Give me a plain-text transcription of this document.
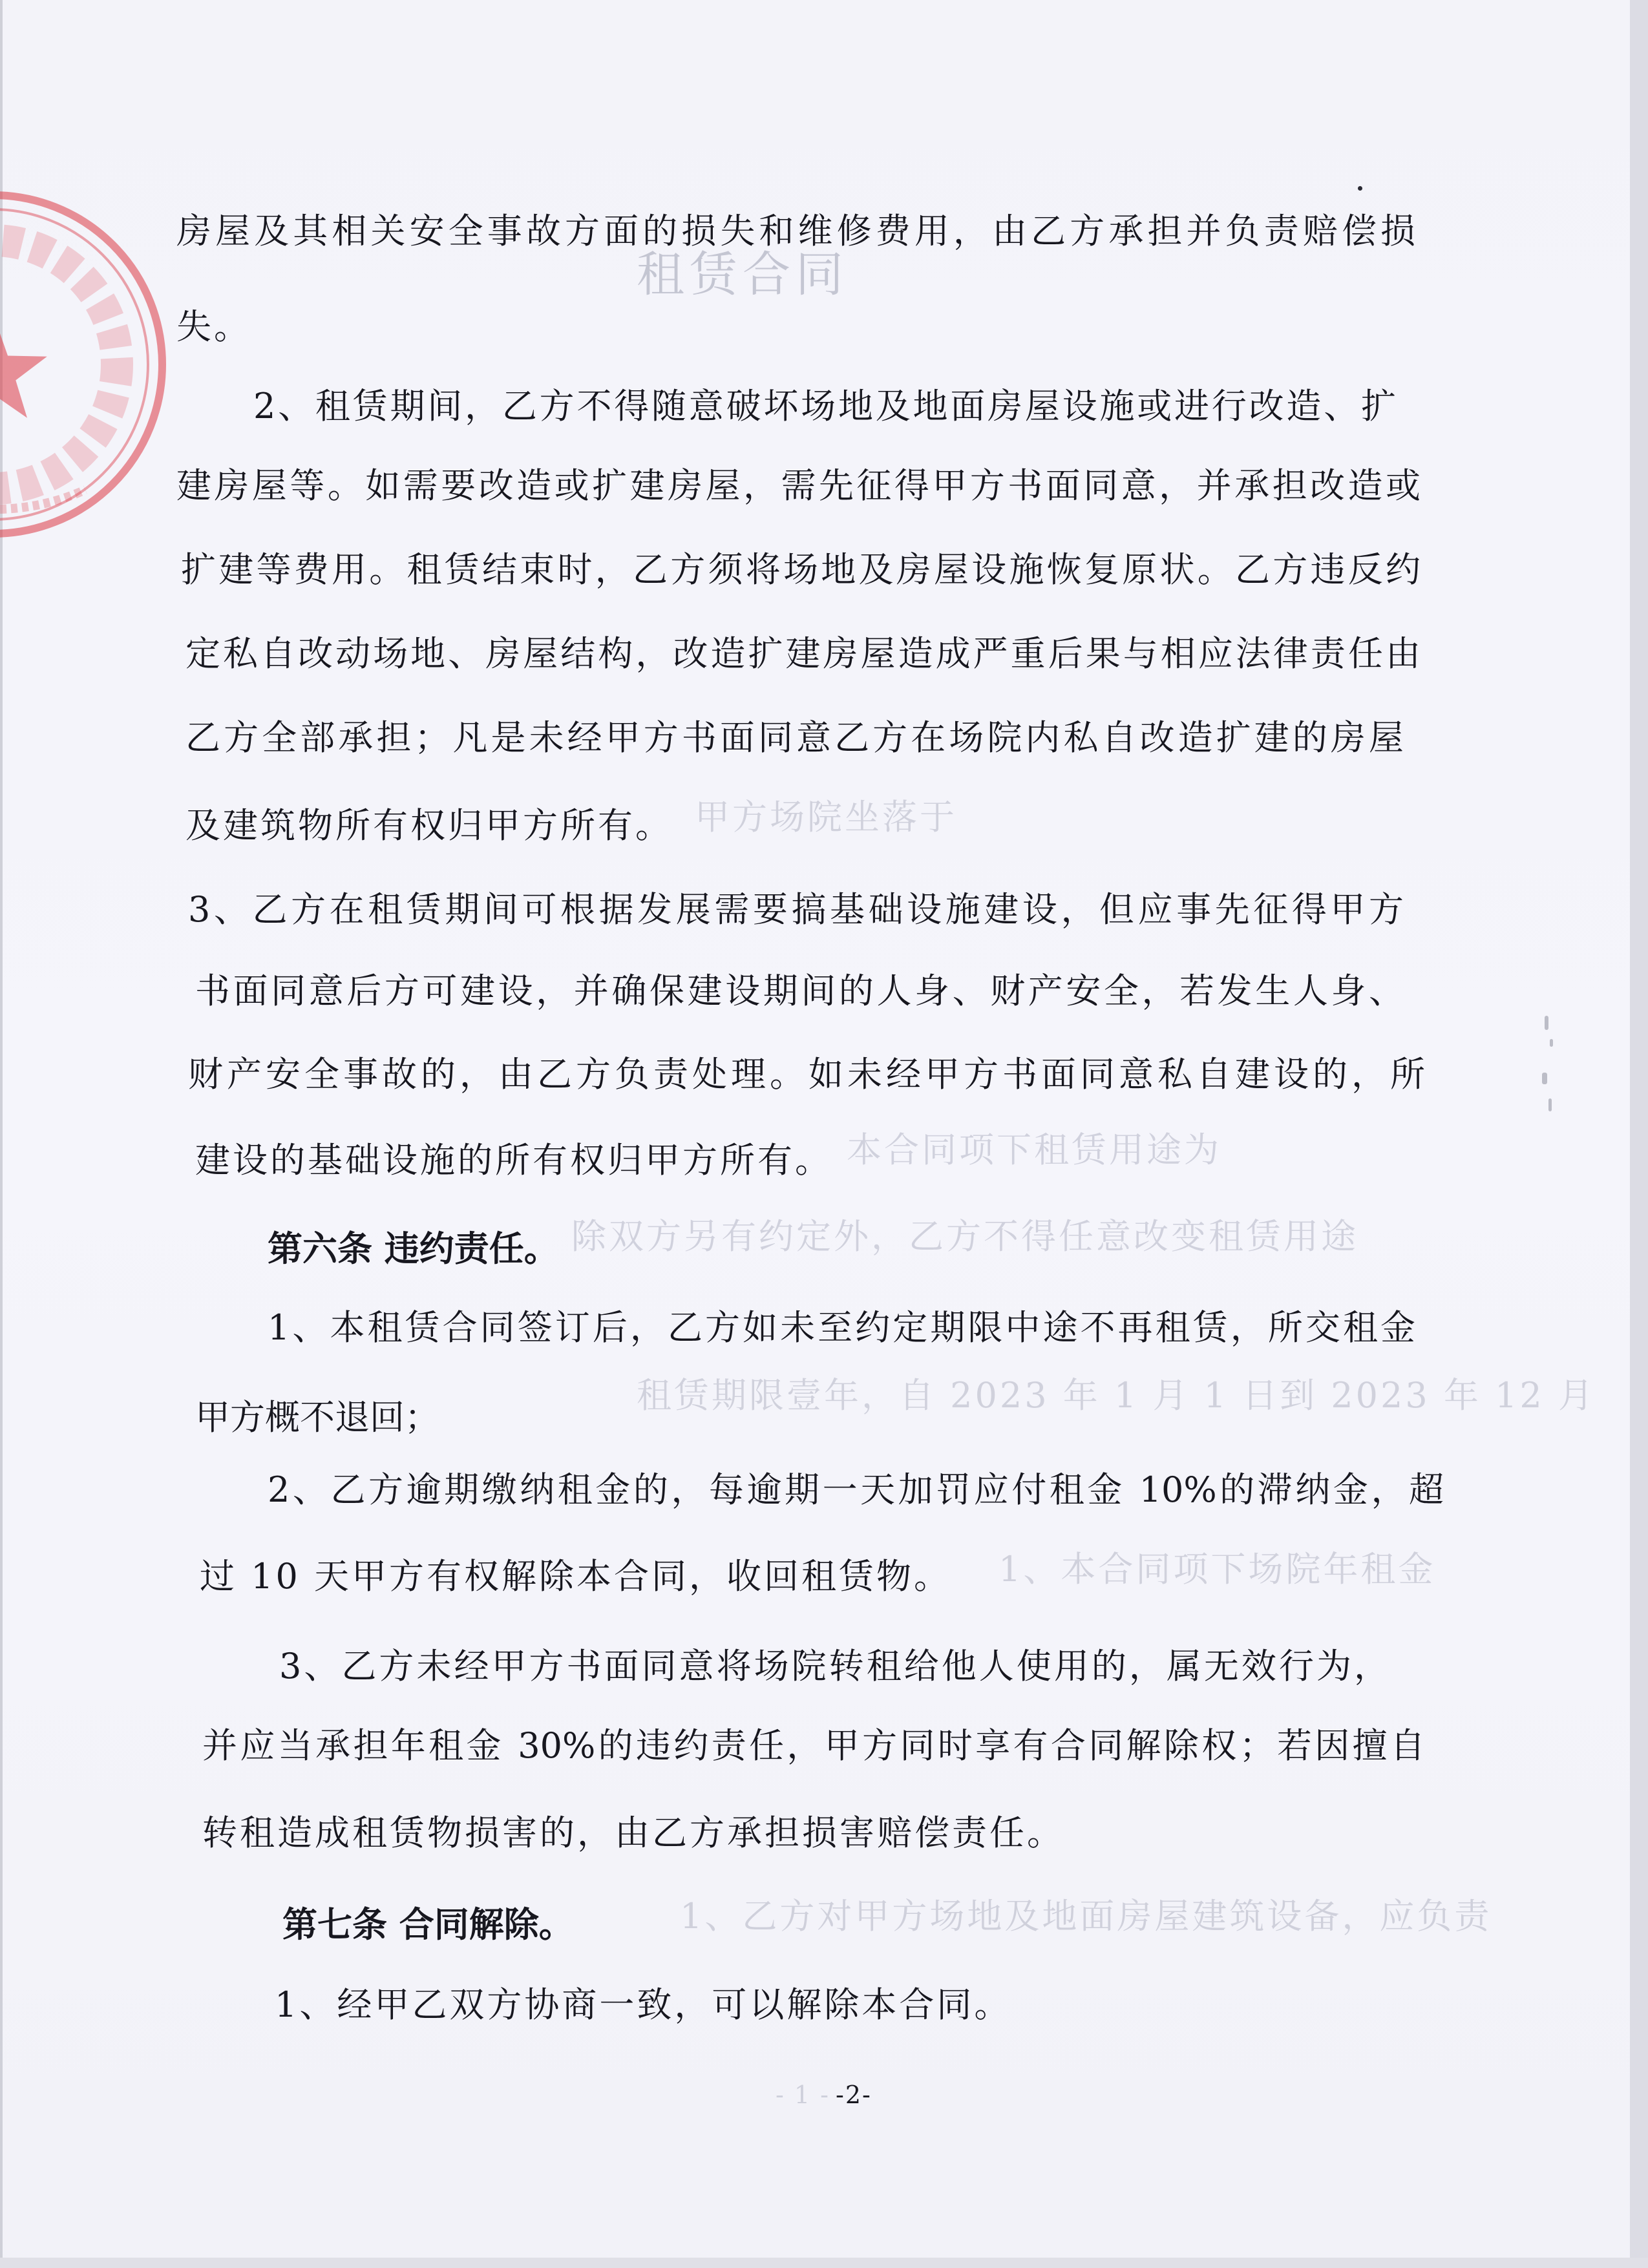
租赁合同
甲方场院坐落于
本合同项下租赁用途为
除双方另有约定外，乙方不得任意改变租赁用途
租赁期限壹年，自 2023 年 1 月 1 日到 2023 年 12 月
1、本合同项下场院年租金
1、乙方对甲方场地及地面房屋建筑设备，应负责
- 1 -
房屋及其相关安全事故方面的损失和维修费用，由乙方承担并负责赔偿损
失。
2、租赁期间，乙方不得随意破坏场地及地面房屋设施或进行改造、扩
建房屋等。如需要改造或扩建房屋，需先征得甲方书面同意，并承担改造或
扩建等费用。租赁结束时，乙方须将场地及房屋设施恢复原状。乙方违反约
定私自改动场地、房屋结构，改造扩建房屋造成严重后果与相应法律责任由
乙方全部承担；凡是未经甲方书面同意乙方在场院内私自改造扩建的房屋
及建筑物所有权归甲方所有。
3、乙方在租赁期间可根据发展需要搞基础设施建设，但应事先征得甲方
书面同意后方可建设，并确保建设期间的人身、财产安全，若发生人身、
财产安全事故的，由乙方负责处理。如未经甲方书面同意私自建设的，所
建设的基础设施的所有权归甲方所有。
第六条 违约责任。
1、本租赁合同签订后，乙方如未至约定期限中途不再租赁，所交租金
甲方概不退回；
2、乙方逾期缴纳租金的，每逾期一天加罚应付租金 10%的滞纳金，超
过 10 天甲方有权解除本合同，收回租赁物。
3、乙方未经甲方书面同意将场院转租给他人使用的，属无效行为，
并应当承担年租金 30%的违约责任，甲方同时享有合同解除权；若因擅自
转租造成租赁物损害的，由乙方承担损害赔偿责任。
第七条 合同解除。
1、经甲乙双方协商一致，可以解除本合同。
-2-
